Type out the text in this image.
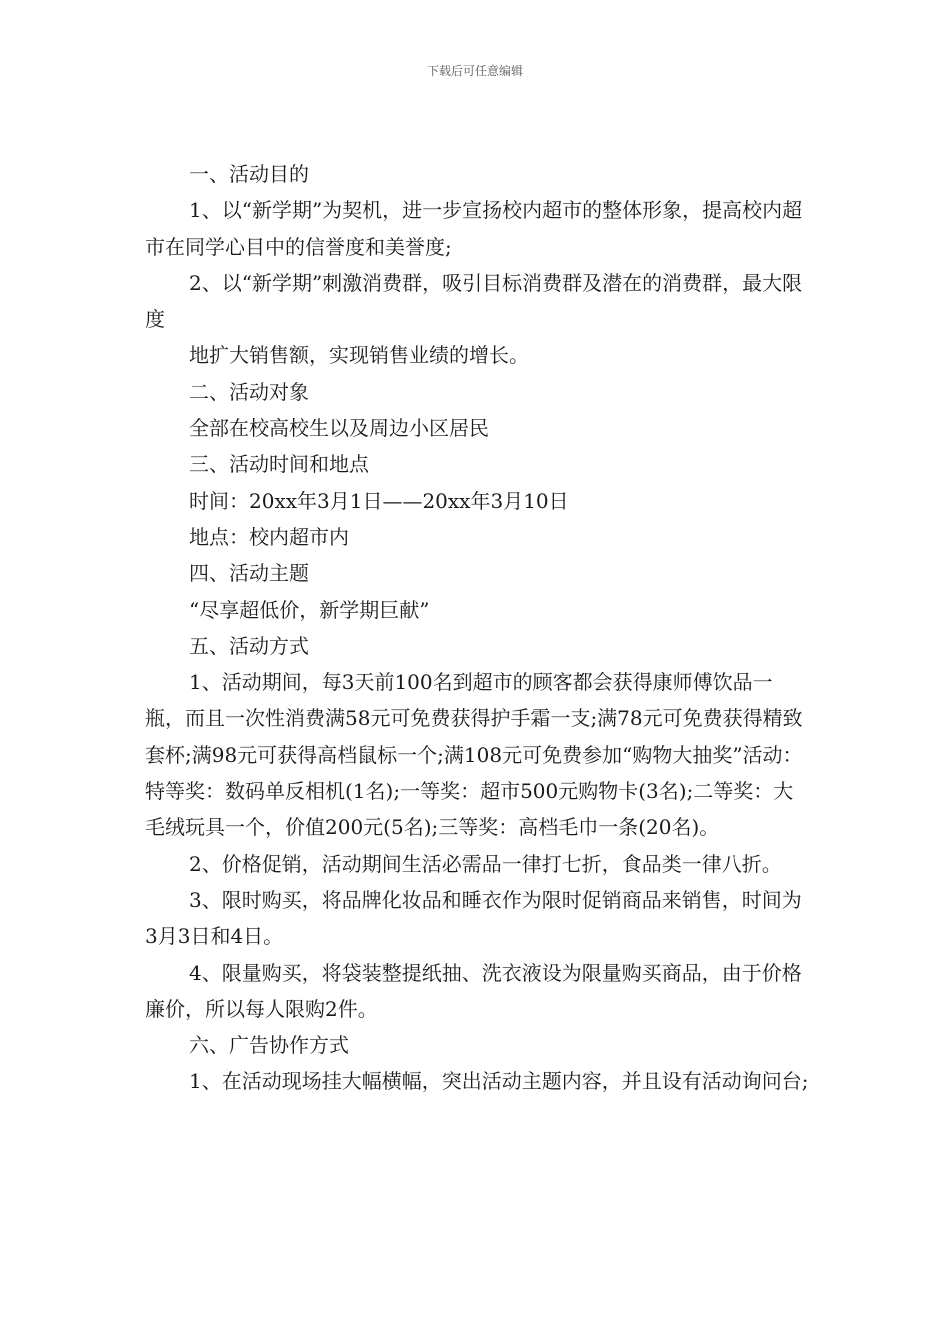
下载后可任意编辑

一、活动目的

1、以“新学期”为契机，进一步宣扬校内超市的整体形象，提高校内超市在同学心目中的信誉度和美誉度;

2、以“新学期”刺激消费群，吸引目标消费群及潜在的消费群，最大限度

地扩大销售额，实现销售业绩的增长。

二、活动对象

全部在校高校生以及周边小区居民

三、活动时间和地点

时间：20xx年3月1日——20xx年3月10日

地点：校内超市内

四、活动主题

“尽享超低价，新学期巨献”

五、活动方式

1、活动期间，每3天前100名到超市的顾客都会获得康师傅饮品一瓶，而且一次性消费满58元可免费获得护手霜一支;满78元可免费获得精致套杯;满98元可获得高档鼠标一个;满108元可免费参加“购物大抽奖”活动：特等奖：数码单反相机(1名);一等奖：超市500元购物卡(3名);二等奖：大毛绒玩具一个，价值200元(5名);三等奖：高档毛巾一条(20名)。

2、价格促销，活动期间生活必需品一律打七折，食品类一律八折。

3、限时购买，将品牌化妆品和睡衣作为限时促销商品来销售，时间为3月3日和4日。

4、限量购买，将袋装整提纸抽、洗衣液设为限量购买商品，由于价格廉价，所以每人限购2件。

六、广告协作方式

1、在活动现场挂大幅横幅，突出活动主题内容，并且设有活动询问台;
